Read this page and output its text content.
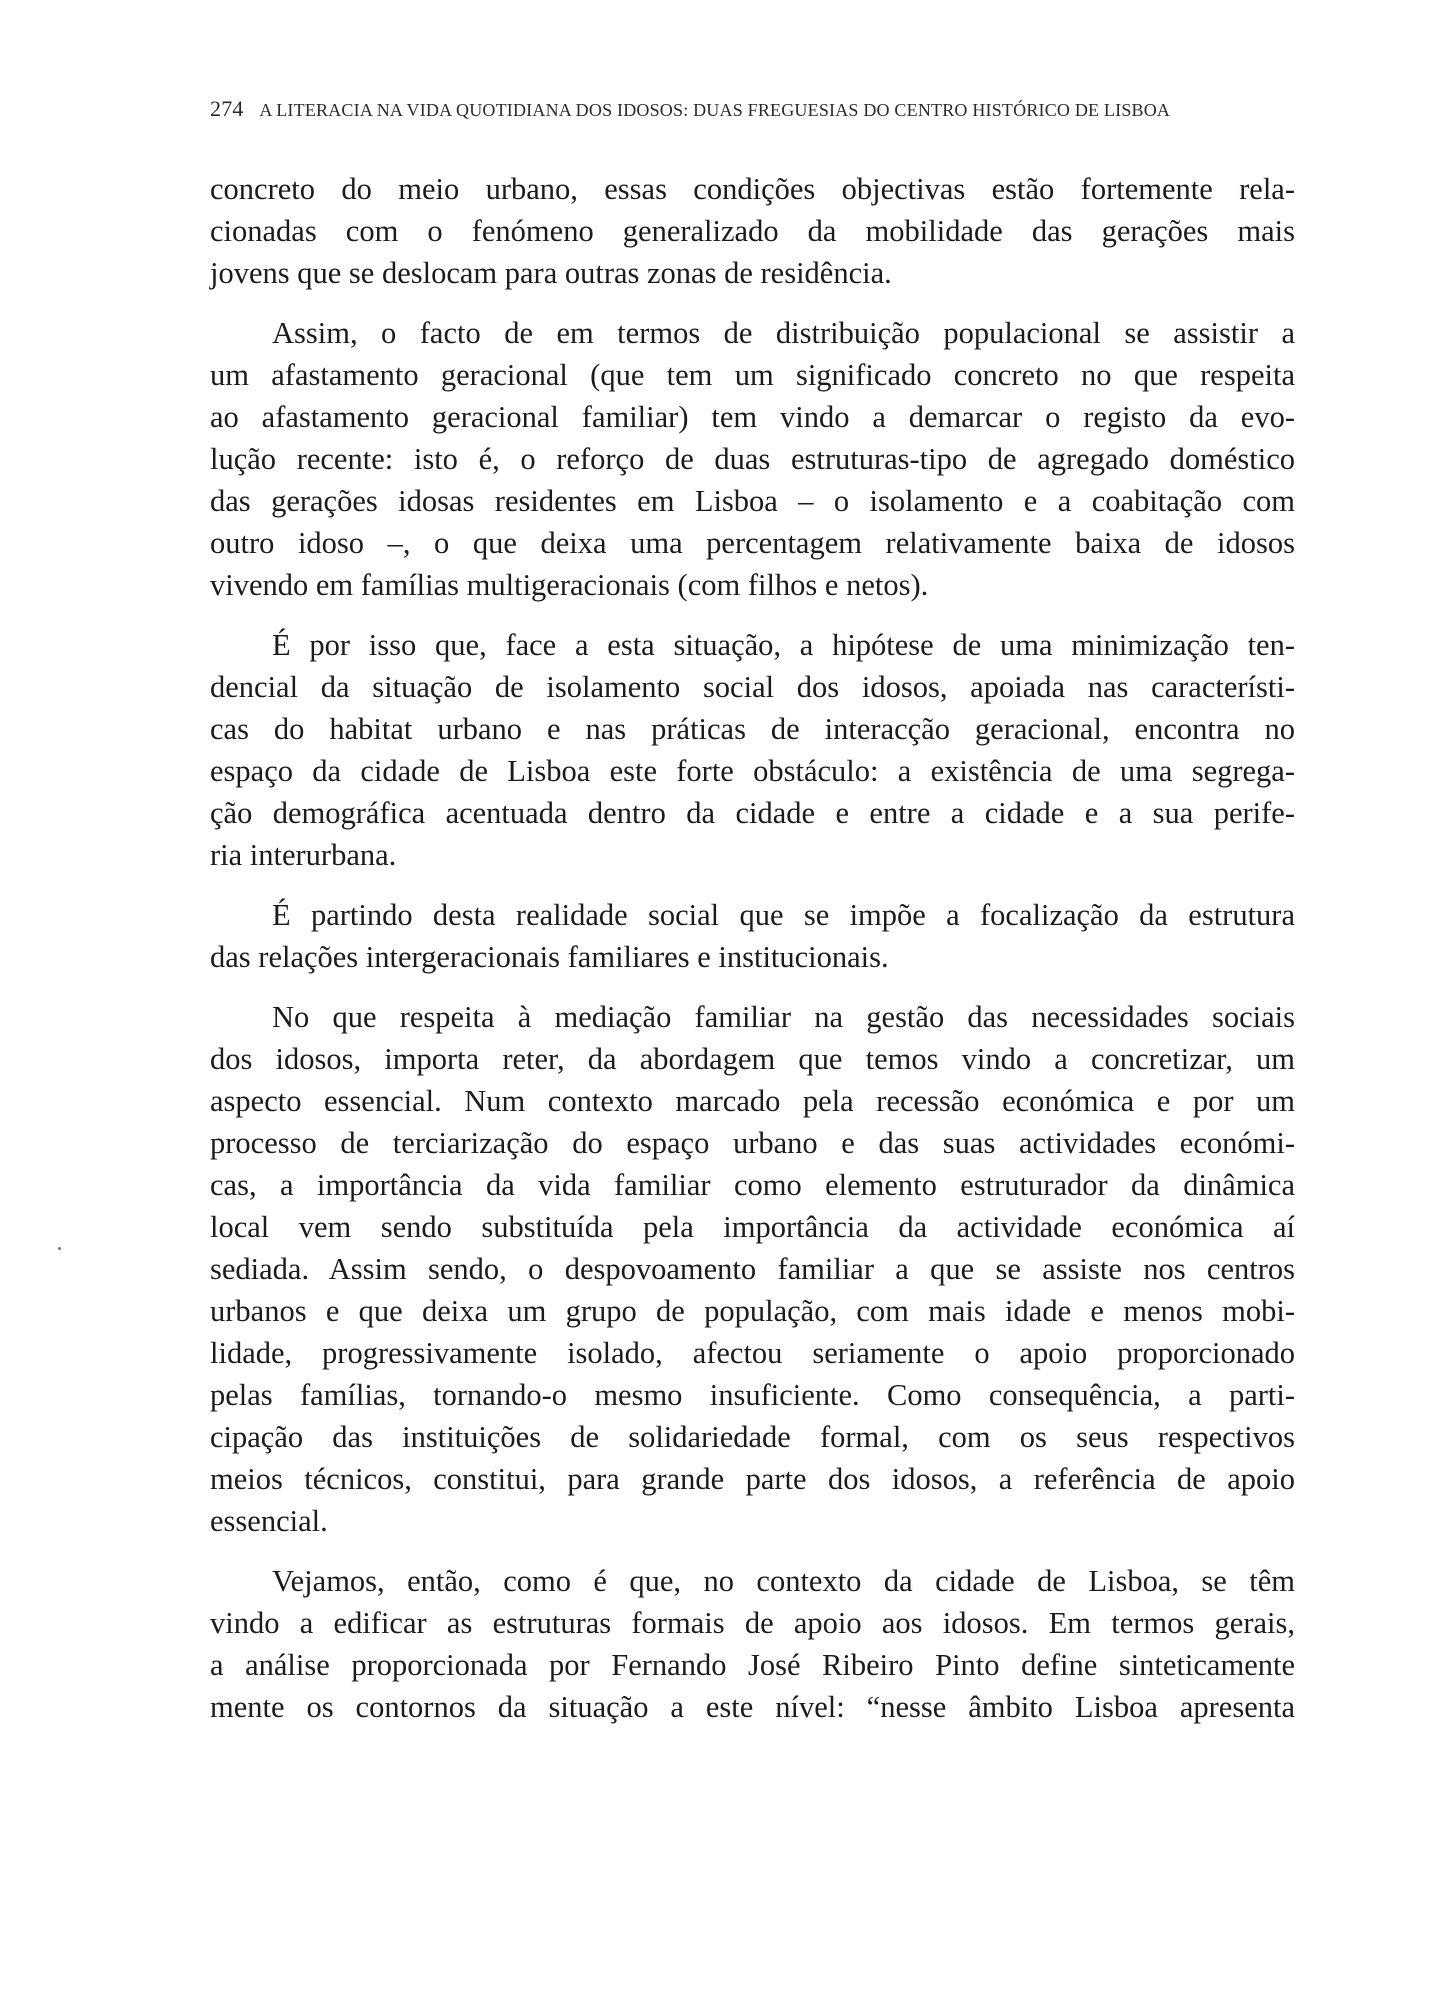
274 A LITERACIA NA VIDA QUOTIDIANA DOS IDOSOS: DUAS FREGUESIAS DO CENTRO HISTÓRICO DE LISBOA
concreto do meio urbano, essas condições objectivas estão fortemente rela-
cionadas com o fenómeno generalizado da mobilidade das gerações mais
jovens que se deslocam para outras zonas de residência.
Assim, o facto de em termos de distribuição populacional se assistir a
um afastamento geracional (que tem um significado concreto no que respeita
ao afastamento geracional familiar) tem vindo a demarcar o registo da evo-
lução recente: isto é, o reforço de duas estruturas-tipo de agregado doméstico
das gerações idosas residentes em Lisboa – o isolamento e a coabitação com
outro idoso –, o que deixa uma percentagem relativamente baixa de idosos
vivendo em famílias multigeracionais (com filhos e netos).
É por isso que, face a esta situação, a hipótese de uma minimização ten-
dencial da situação de isolamento social dos idosos, apoiada nas característi-
cas do habitat urbano e nas práticas de interacção geracional, encontra no
espaço da cidade de Lisboa este forte obstáculo: a existência de uma segrega-
ção demográfica acentuada dentro da cidade e entre a cidade e a sua perife-
ria interurbana.
É partindo desta realidade social que se impõe a focalização da estrutura
das relações intergeracionais familiares e institucionais.
No que respeita à mediação familiar na gestão das necessidades sociais
dos idosos, importa reter, da abordagem que temos vindo a concretizar, um
aspecto essencial. Num contexto marcado pela recessão económica e por um
processo de terciarização do espaço urbano e das suas actividades económi-
cas, a importância da vida familiar como elemento estruturador da dinâmica
local vem sendo substituída pela importância da actividade económica aí
sediada. Assim sendo, o despovoamento familiar a que se assiste nos centros
urbanos e que deixa um grupo de população, com mais idade e menos mobi-
lidade, progressivamente isolado, afectou seriamente o apoio proporcionado
pelas famílias, tornando-o mesmo insuficiente. Como consequência, a parti-
cipação das instituições de solidariedade formal, com os seus respectivos
meios técnicos, constitui, para grande parte dos idosos, a referência de apoio
essencial.
Vejamos, então, como é que, no contexto da cidade de Lisboa, se têm
vindo a edificar as estruturas formais de apoio aos idosos. Em termos gerais,
a análise proporcionada por Fernando José Ribeiro Pinto define sinteticamente
mente os contornos da situação a este nível: “nesse âmbito Lisboa apresenta
